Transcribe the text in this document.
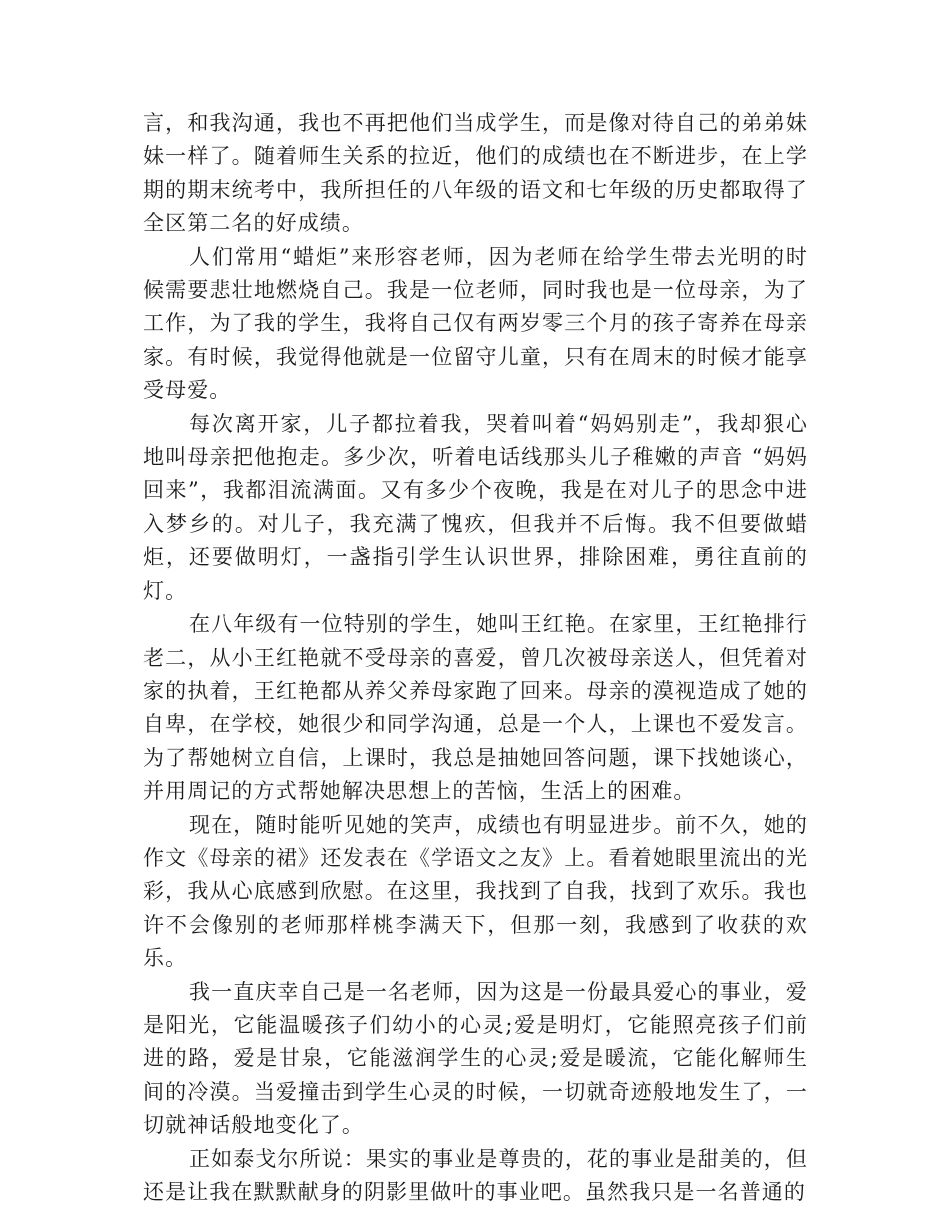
言，和我沟通，我也不再把他们当成学生，而是像对待自己的弟弟妹妹一样了。随着师生关系的拉近，他们的成绩也在不断进步，在上学期的期末统考中，我所担任的八年级的语文和七年级的历史都取得了全区第二名的好成绩。

人们常用“蜡炬”来形容老师，因为老师在给学生带去光明的时候需要悲壮地燃烧自己。我是一位老师，同时我也是一位母亲，为了工作，为了我的学生，我将自己仅有两岁零三个月的孩子寄养在母亲家。有时候，我觉得他就是一位留守儿童，只有在周末的时候才能享受母爱。

每次离开家，儿子都拉着我，哭着叫着“妈妈别走”，我却狠心地叫母亲把他抱走。多少次，听着电话线那头儿子稚嫩的声音 “妈妈回来”，我都泪流满面。又有多少个夜晚，我是在对儿子的思念中进入梦乡的。对儿子，我充满了愧疚，但我并不后悔。我不但要做蜡炬，还要做明灯，一盏指引学生认识世界，排除困难，勇往直前的灯。

在八年级有一位特别的学生，她叫王红艳。在家里，王红艳排行老二，从小王红艳就不受母亲的喜爱，曾几次被母亲送人，但凭着对家的执着，王红艳都从养父养母家跑了回来。母亲的漠视造成了她的自卑，在学校，她很少和同学沟通，总是一个人，上课也不爱发言。为了帮她树立自信，上课时，我总是抽她回答问题，课下找她谈心，并用周记的方式帮她解决思想上的苦恼，生活上的困难。

现在，随时能听见她的笑声，成绩也有明显进步。前不久，她的作文《母亲的裙》还发表在《学语文之友》上。看着她眼里流出的光彩，我从心底感到欣慰。在这里，我找到了自我，找到了欢乐。我也许不会像别的老师那样桃李满天下，但那一刻，我感到了收获的欢乐。

我一直庆幸自己是一名老师，因为这是一份最具爱心的事业，爱是阳光，它能温暖孩子们幼小的心灵;爱是明灯，它能照亮孩子们前进的路，爱是甘泉，它能滋润学生的心灵;爱是暖流，它能化解师生间的冷漠。当爱撞击到学生心灵的时候，一切就奇迹般地发生了，一切就神话般地变化了。

正如泰戈尔所说：果实的事业是尊贵的，花的事业是甜美的，但还是让我在默默献身的阴影里做叶的事业吧。虽然我只是一名普通的
